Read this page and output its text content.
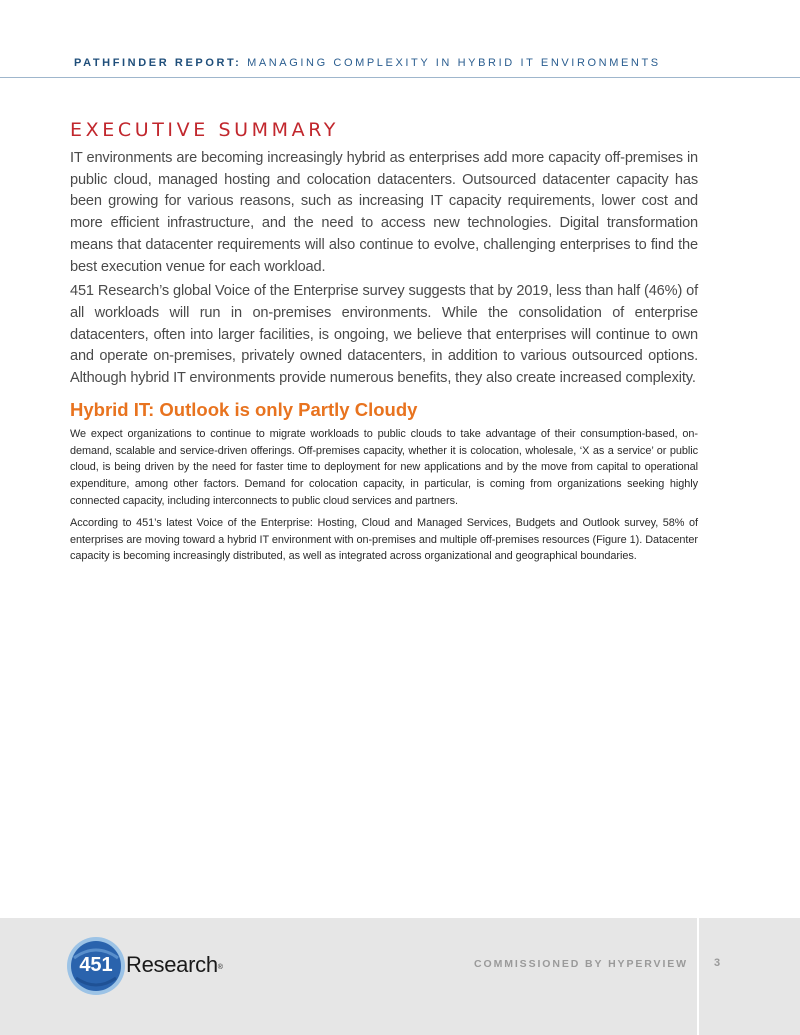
PATHFINDER REPORT: MANAGING COMPLEXITY IN HYBRID IT ENVIRONMENTS
EXECUTIVE SUMMARY

IT environments are becoming increasingly hybrid as enterprises add more capacity off-premises in public cloud, managed hosting and colocation datacenters. Outsourced datacenter capacity has been growing for various reasons, such as increasing IT capacity requirements, lower cost and more efficient infrastructure, and the need to access new technologies. Digital transformation means that datacenter requirements will also continue to evolve, challenging enterprises to find the best execution venue for each workload.

451 Research’s global Voice of the Enterprise survey suggests that by 2019, less than half (46%) of all workloads will run in on-premises environments. While the consolidation of enterprise datacenters, often into larger facilities, is ongoing, we believe that enterprises will continue to own and operate on-premises, privately owned datacenters, in addition to various outsourced options. Although hybrid IT environments provide numerous benefits, they also create increased complexity.

Hybrid IT: Outlook is only Partly Cloudy

We expect organizations to continue to migrate workloads to public clouds to take advantage of their consumption-based, on-demand, scalable and service-driven offerings. Off-premises capacity, whether it is colocation, wholesale, ‘X as a service’ or public cloud, is being driven by the need for faster time to deployment for new applications and by the move from capital to operational expenditure, among other factors. Demand for colocation capacity, in particular, is coming from organizations seeking highly connected capacity, including interconnects to public cloud services and partners.

According to 451’s latest Voice of the Enterprise: Hosting, Cloud and Managed Services, Budgets and Outlook survey, 58% of enterprises are moving toward a hybrid IT environment with on-premises and multiple off-premises resources (Figure 1). Datacenter capacity is becoming increasingly distributed, as well as integrated across organizational and geographical boundaries.

451 Research®	COMMISSIONED BY HYPERVIEW	3
